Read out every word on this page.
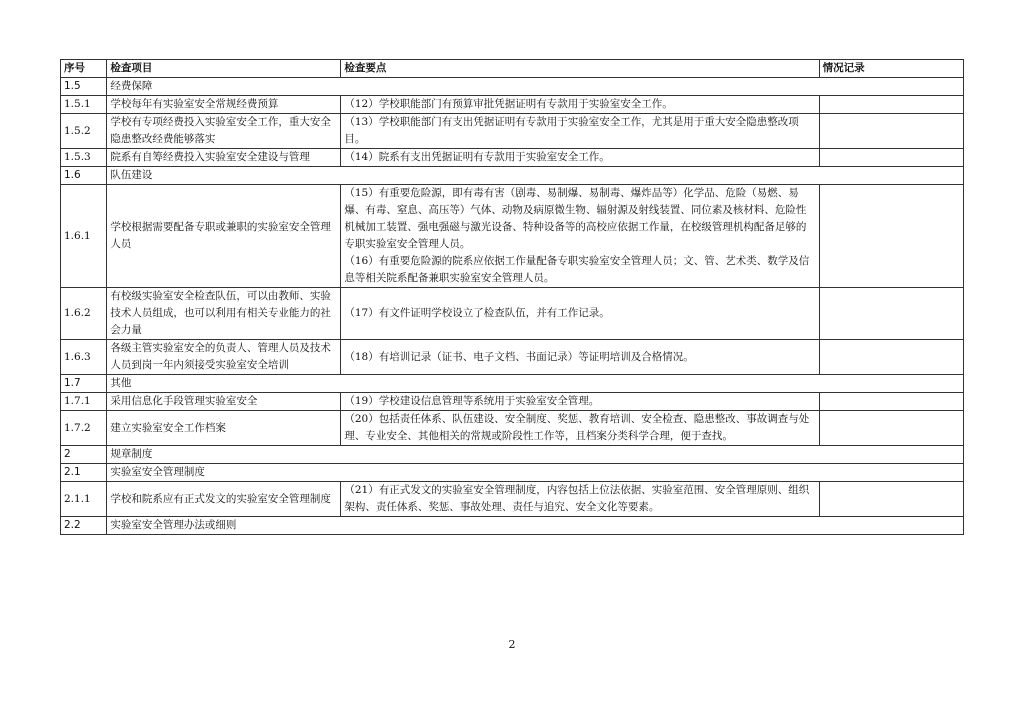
序号	检查项目	检查要点	情况记录
1.5	经费保障		
1.5.1	学校每年有实验室安全常规经费预算	（12）学校职能部门有预算审批凭据证明有专款用于实验室安全工作。	

1.5.2	学校有专项经费投入实验室安全工作，重大安全隐患整改经费能够落实	（13）学校职能部门有支出凭据证明有专款用于实验室安全工作，尤其是用于重大安全隐患整改项目。	

1.5.3	院系有自筹经费投入实验室安全建设与管理	（14）院系有支出凭据证明有专款用于实验室安全工作。	

1.6	队伍建设		
1.6.1	学校根据需要配备专职或兼职的实验室安全管理人员	（15）有重要危险源，即有毒有害（剧毒、易制爆、易制毒、爆炸品等）化学品、危险（易燃、易爆、有毒、窒息、高压等）气体、动物及病原微生物、辐射源及射线装置、同位素及核材料、危险性机械加工装置、强电强磁与激光设备、特种设备等的高校应依据工作量，在校级管理机构配备足够的专职实验室安全管理人员。

（16）有重要危险源的院系应依据工作量配备专职实验室安全管理人员；文、管、艺术类、数学及信息等相关院系配备兼职实验室安全管理人员。	

1.6.2	有校级实验室安全检查队伍，可以由教师、实验技术人员组成，也可以利用有相关专业能力的社会力量	（17）有文件证明学校设立了检查队伍，并有工作记录。	

1.6.3	各级主管实验室安全的负责人、管理人员及技术人员到岗一年内须接受实验室安全培训	（18）有培训记录（证书、电子文档、书面记录）等证明培训及合格情况。	

1.7	其他		
1.7.1	采用信息化手段管理实验室安全	（19）学校建设信息管理等系统用于实验室安全管理。	

1.7.2	建立实验室安全工作档案	（20）包括责任体系、队伍建设、安全制度、奖惩、教育培训、安全检查、隐患整改、事故调查与处理、专业安全、其他相关的常规或阶段性工作等，且档案分类科学合理，便于查找。	

2	规章制度		
2.1	实验室安全管理制度		
2.1.1	学校和院系应有正式发文的实验室安全管理制度	（21）有正式发文的实验室安全管理制度，内容包括上位法依据、实验室范围、安全管理原则、组织架构、责任体系、奖惩、事故处理、责任与追究、安全文化等要素。	

2.2	实验室安全管理办法或细则		
2
